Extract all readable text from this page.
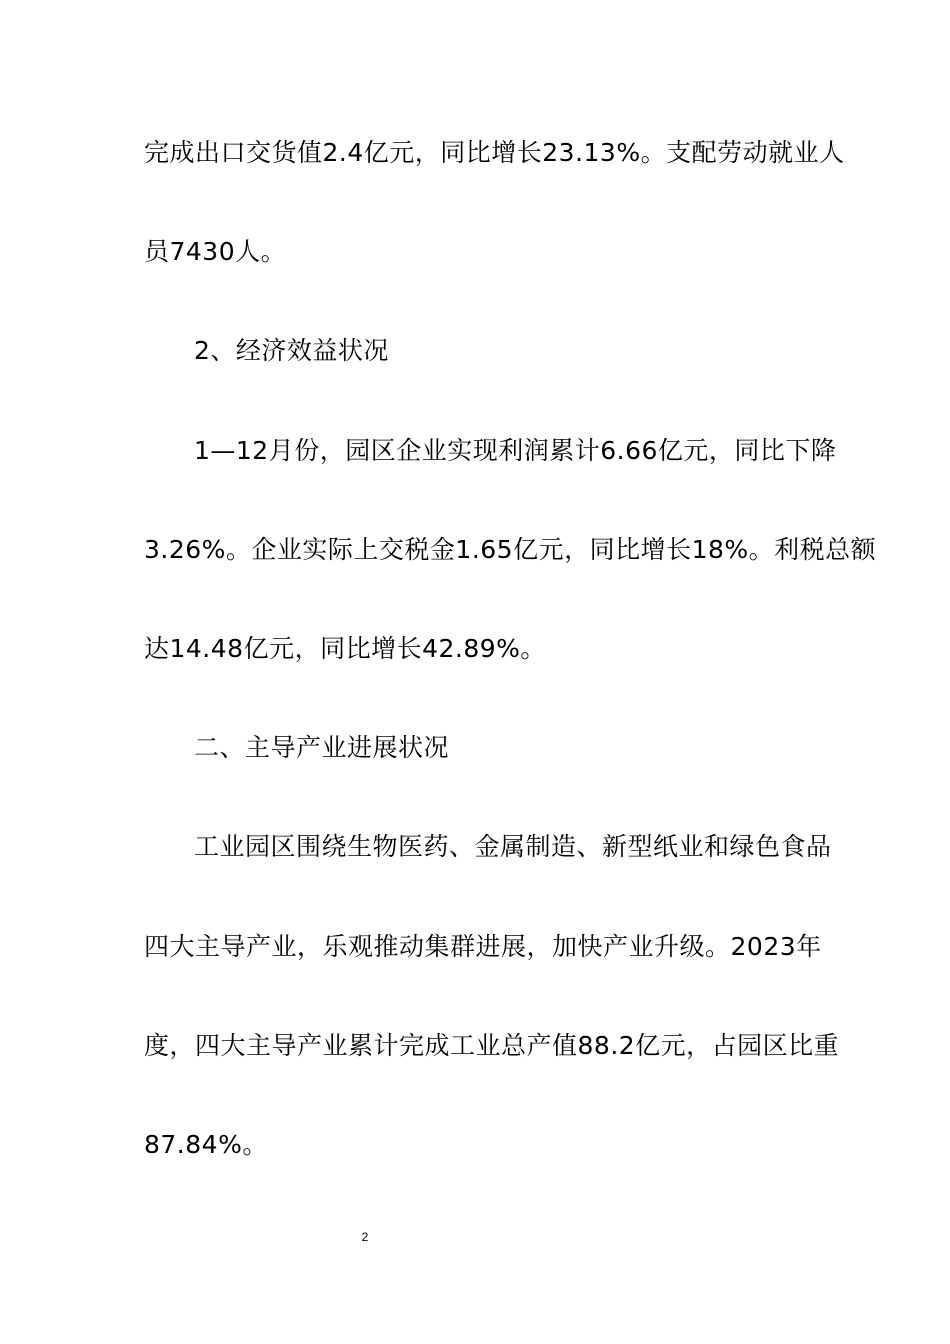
完成出口交货值2.4亿元，同比增长23.13%。支配劳动就业人
员7430人。
2、经济效益状况
1—12月份，园区企业实现利润累计6.66亿元，同比下降
3.26%。企业实际上交税金1.65亿元，同比增长18%。利税总额
达14.48亿元，同比增长42.89%。
二、主导产业进展状况
工业园区围绕生物医药、金属制造、新型纸业和绿色食品
四大主导产业，乐观推动集群进展，加快产业升级。2023年
度，四大主导产业累计完成工业总产值88.2亿元，占园区比重
87.84%。
2
